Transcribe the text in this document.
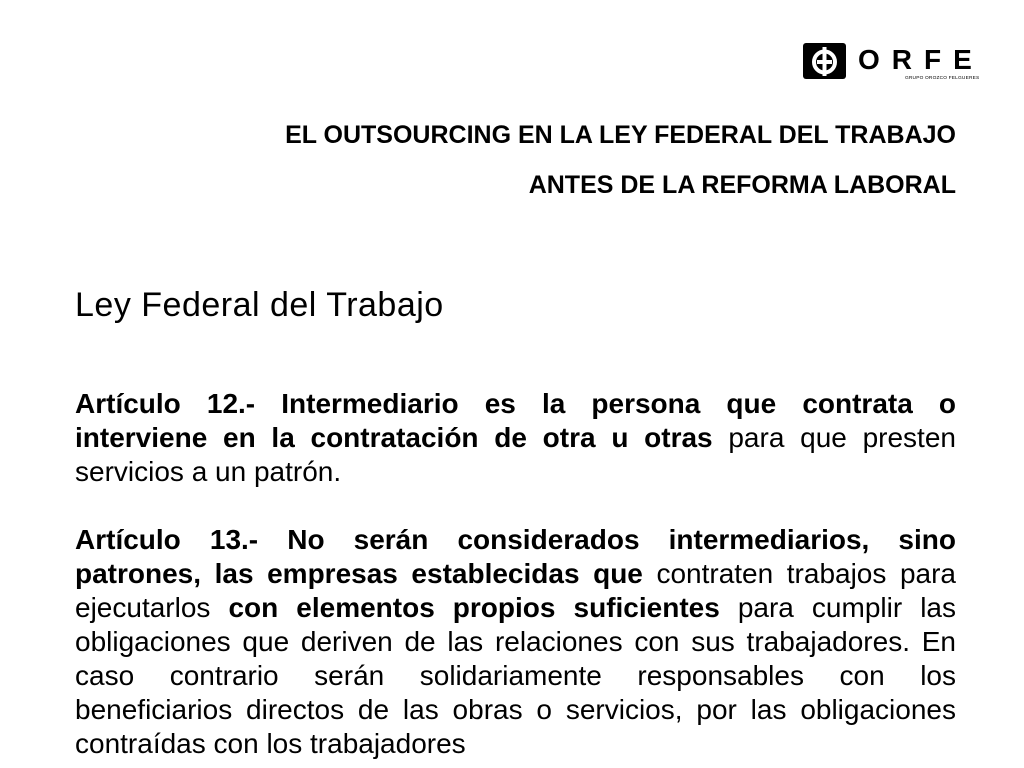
ORFE
GRUPO OROZCO FELGUERES
EL OUTSOURCING EN LA LEY FEDERAL DEL TRABAJO
ANTES DE LA REFORMA LABORAL
Ley Federal del Trabajo
Artículo 12.- Intermediario es la persona que contrata o
interviene en la contratación de otra u otras para que presten
servicios a un patrón.
Artículo 13.- No serán considerados intermediarios, sino
patrones, las empresas establecidas que contraten trabajos para
ejecutarlos con elementos propios suficientes para cumplir las
obligaciones que deriven de las relaciones con sus trabajadores. En
caso contrario serán solidariamente responsables con los
beneficiarios directos de las obras o servicios, por las obligaciones
contraídas con los trabajadores
